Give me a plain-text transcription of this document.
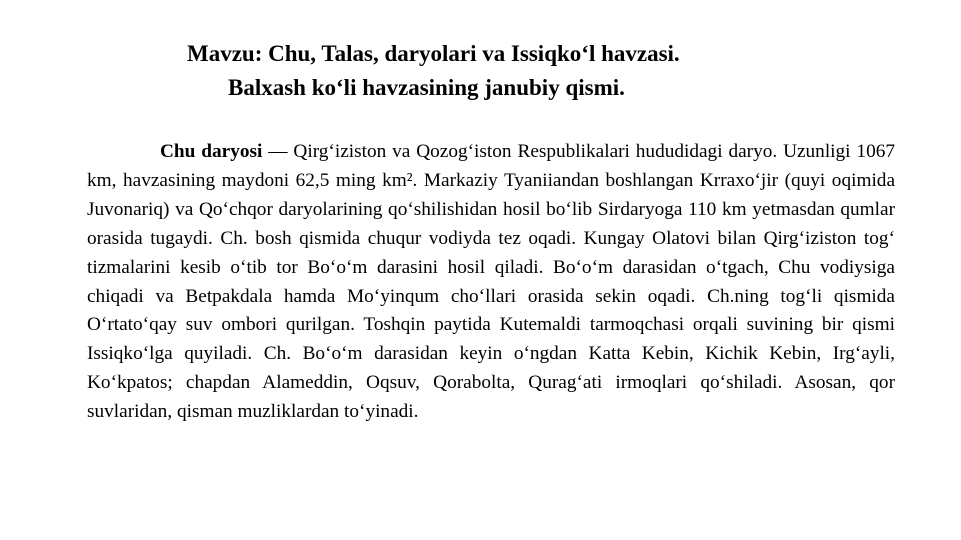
Mavzu: Chu, Talas, daryolari va Issiqko‘l havzasi.
Balxash ko‘li havzasining janubiy qismi.

Chu daryosi — Qirg‘iziston va Qozog‘iston Respublikalari hududidagi daryo. Uzunligi 1067 km, havzasining maydoni 62,5 ming km². Markaziy Tyaniiandan boshlangan Krraxo‘jir (quyi oqimida Juvonariq) va Qo‘chqor daryolarining qo‘shilishidan hosil bo‘lib Sirdaryoga 110 km yetmasdan qumlar orasida tugaydi. Ch. bosh qismida chuqur vodiyda tez oqadi. Kungay Olatovi bilan Qirg‘iziston tog‘ tizmalarini kesib o‘tib tor Bo‘o‘m darasini hosil qiladi. Bo‘o‘m darasidan o‘tgach, Chu vodiysiga chiqadi va Betpakdala hamda Mo‘yinqum cho‘llari orasida sekin oqadi. Ch.ning tog‘li qismida O‘rtato‘qay suv ombori qurilgan. Toshqin paytida Kutemaldi tarmoqchasi orqali suvining bir qismi Issiqko‘lga quyiladi. Ch. Bo‘o‘m darasidan keyin o‘ngdan Katta Kebin, Kichik Kebin, Irg‘ayli, Ko‘kpatos; chapdan Alameddin, Oqsuv, Qorabolta, Qurag‘ati irmoqlari qo‘shiladi. Asosan, qor suvlaridan, qisman muzliklardan to‘yinadi.
